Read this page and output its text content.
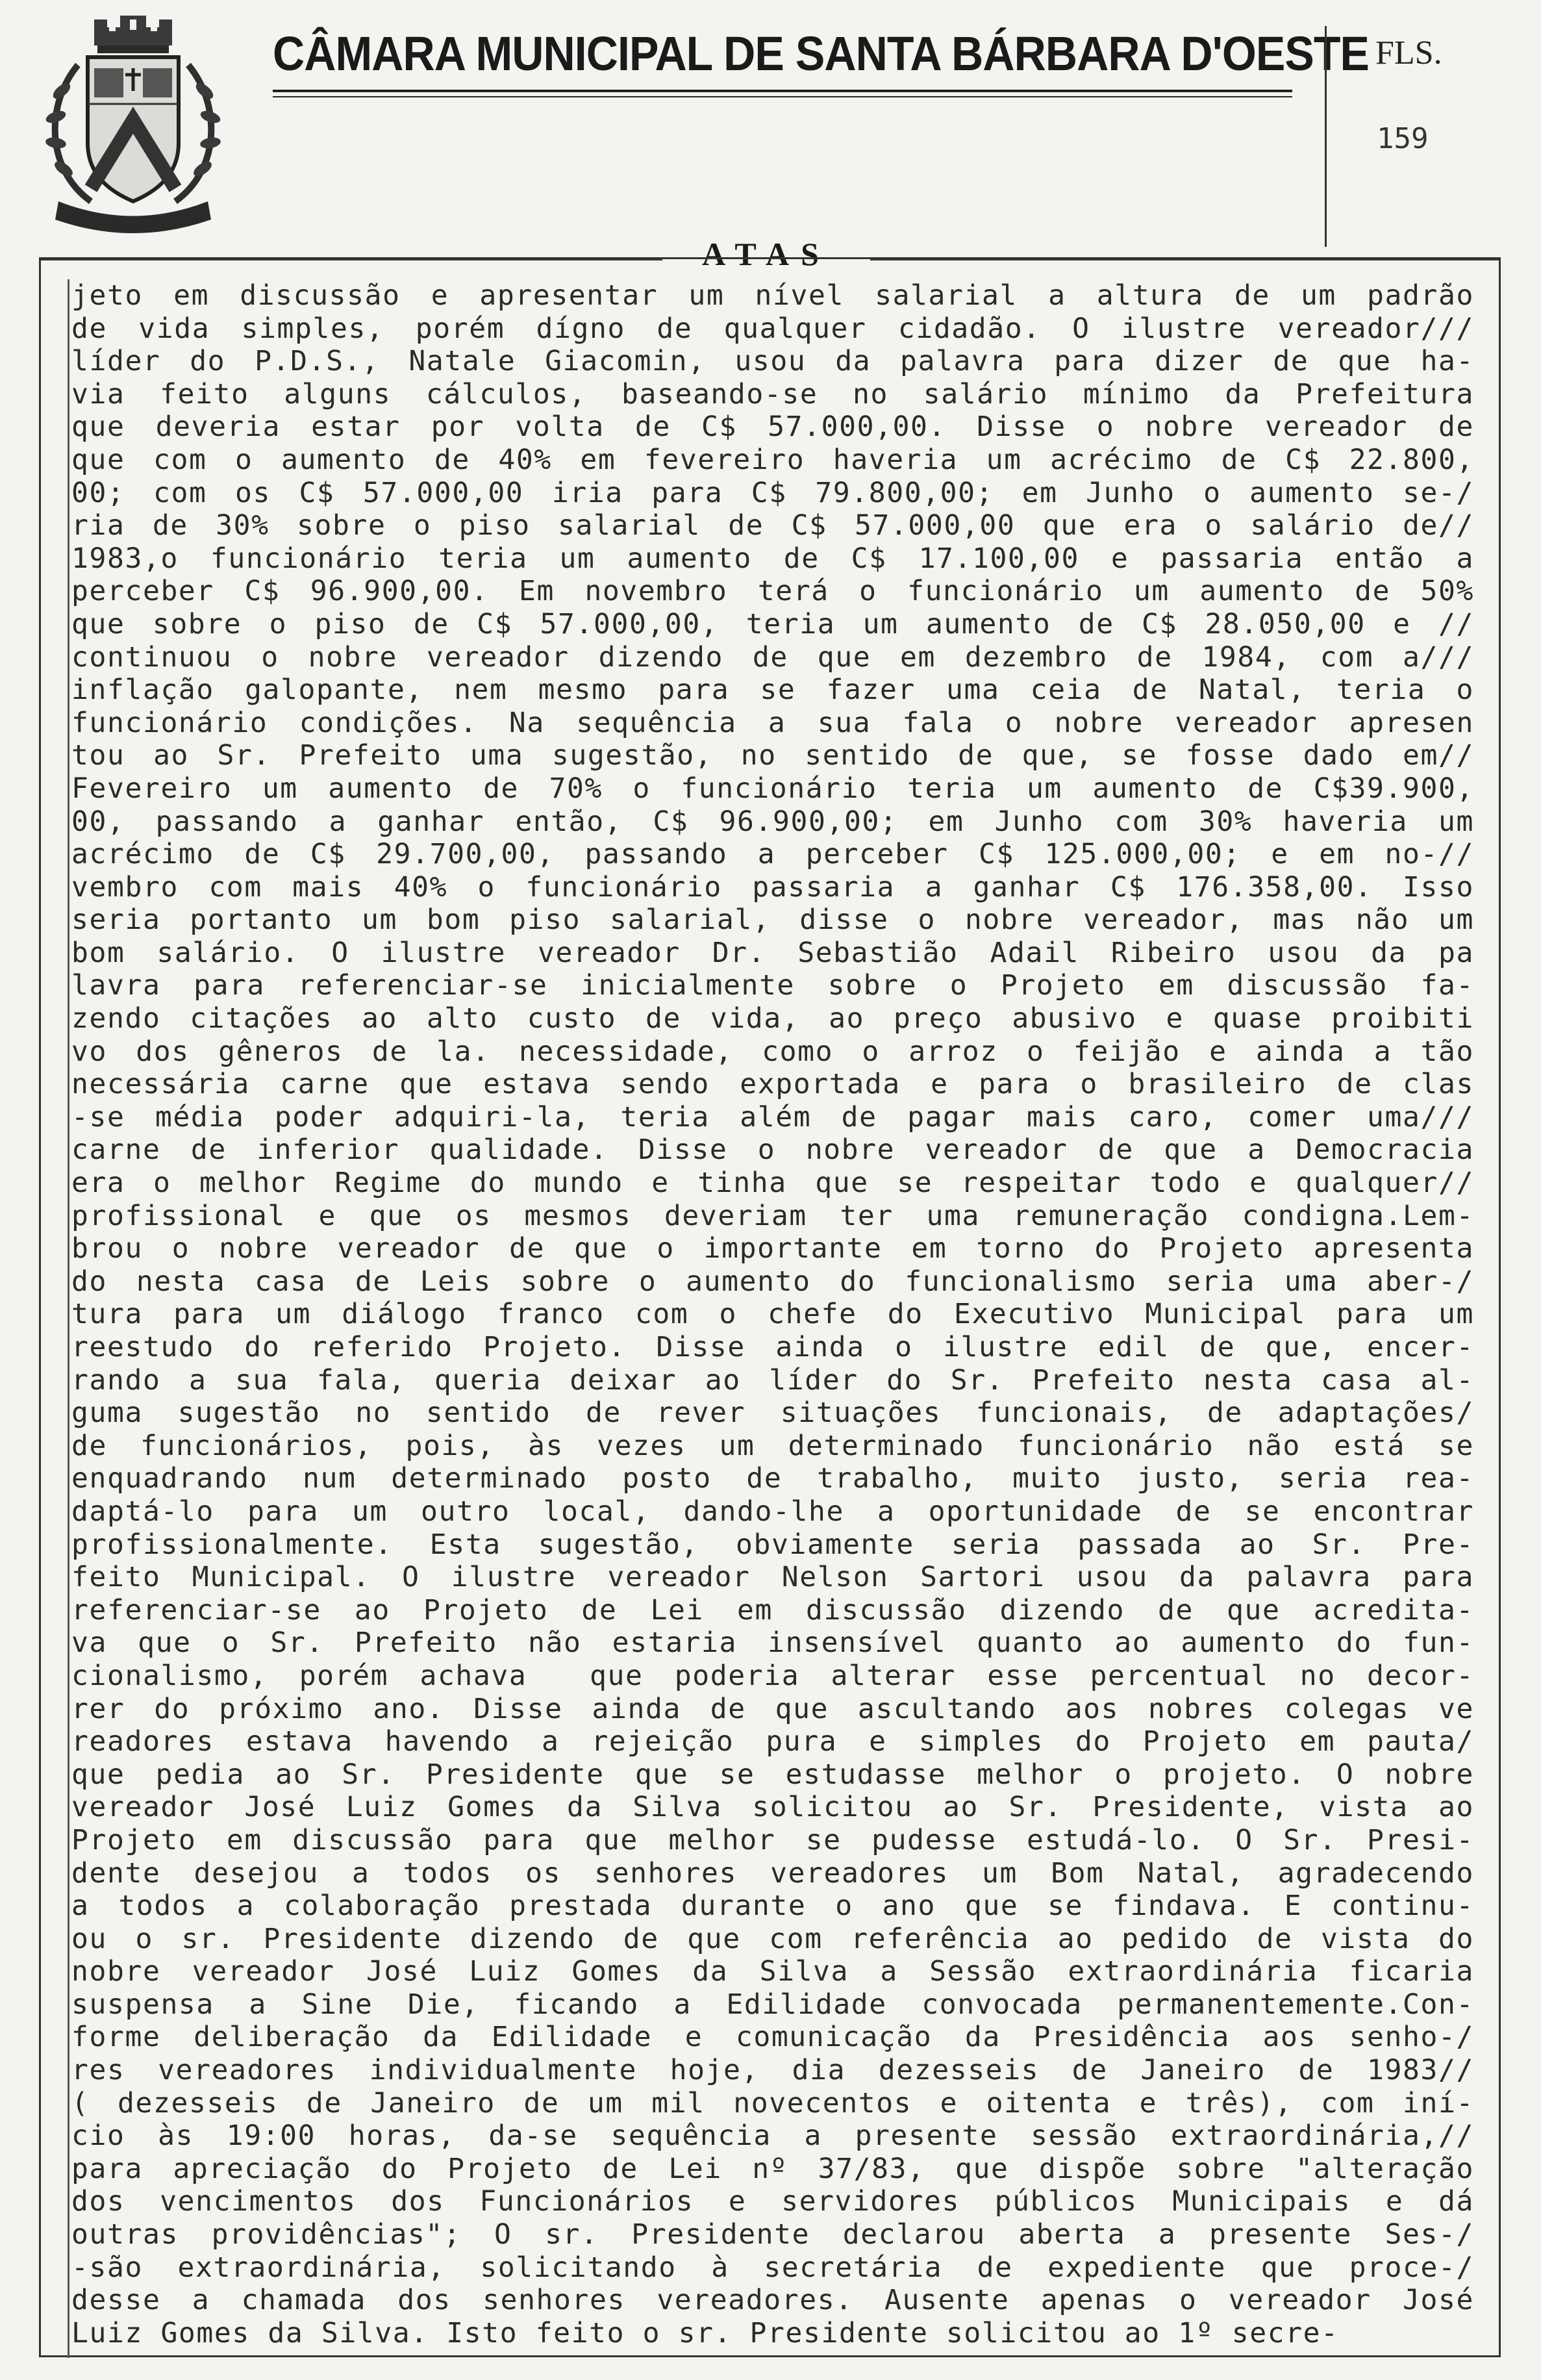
CÂMARA MUNICIPAL DE SANTA BÁRBARA D'OESTE FLS.
159
ATAS
jeto em discussão e apresentar um nível salarial a altura de um padrão
de vida simples, porém dígno de qualquer cidadão. O ilustre vereador///
líder do P.D.S., Natale Giacomin, usou da palavra para dizer de que ha-
via feito alguns cálculos, baseando-se no salário mínimo da Prefeitura
que deveria estar por volta de C$ 57.000,00. Disse o nobre vereador de
que com o aumento de 40% em fevereiro haveria um acrécimo de C$ 22.800,
00; com os C$ 57.000,00 iria para C$ 79.800,00; em Junho o aumento se-/
ria de 30% sobre o piso salarial de C$ 57.000,00 que era o salário de//
1983,o funcionário teria um aumento de C$ 17.100,00 e passaria então a
perceber C$ 96.900,00. Em novembro terá o funcionário um aumento de 50%
que sobre o piso de C$ 57.000,00, teria um aumento de C$ 28.050,00 e //
continuou o nobre vereador dizendo de que em dezembro de 1984, com a///
inflação galopante, nem mesmo para se fazer uma ceia de Natal, teria o
funcionário condições. Na sequência a sua fala o nobre vereador apresen
tou ao Sr. Prefeito uma sugestão, no sentido de que, se fosse dado em//
Fevereiro um aumento de 70% o funcionário teria um aumento de C$39.900,
00, passando a ganhar então, C$ 96.900,00; em Junho com 30% haveria um
acrécimo de C$ 29.700,00, passando a perceber C$ 125.000,00; e em no-//
vembro com mais 40% o funcionário passaria a ganhar C$ 176.358,00. Isso
seria portanto um bom piso salarial, disse o nobre vereador, mas não um
bom salário. O ilustre vereador Dr. Sebastião Adail Ribeiro usou da pa
lavra para referenciar-se inicialmente sobre o Projeto em discussão fa-
zendo citações ao alto custo de vida, ao preço abusivo e quase proibiti
vo dos gêneros de la. necessidade, como o arroz o feijão e ainda a tão
necessária carne que estava sendo exportada e para o brasileiro de clas
-se média poder adquiri-la, teria além de pagar mais caro, comer uma///
carne de inferior qualidade. Disse o nobre vereador de que a Democracia
era o melhor Regime do mundo e tinha que se respeitar todo e qualquer//
profissional e que os mesmos deveriam ter uma remuneração condigna.Lem-
brou o nobre vereador de que o importante em torno do Projeto apresenta
do nesta casa de Leis sobre o aumento do funcionalismo seria uma aber-/
tura para um diálogo franco com o chefe do Executivo Municipal para um
reestudo do referido Projeto. Disse ainda o ilustre edil de que, encer-
rando a sua fala, queria deixar ao líder do Sr. Prefeito nesta casa al-
guma sugestão no sentido de rever situações funcionais, de adaptações/
de funcionários, pois, às vezes um determinado funcionário não está se
enquadrando num determinado posto de trabalho, muito justo, seria rea-
daptá-lo para um outro local, dando-lhe a oportunidade de se encontrar
profissionalmente. Esta sugestão, obviamente seria passada ao Sr. Pre-
feito Municipal. O ilustre vereador Nelson Sartori usou da palavra para
referenciar-se ao Projeto de Lei em discussão dizendo de que acredita-
va que o Sr. Prefeito não estaria insensível quanto ao aumento do fun-
cionalismo, porém achava  que poderia alterar esse percentual no decor-
rer do próximo ano. Disse ainda de que ascultando aos nobres colegas ve
readores estava havendo a rejeição pura e simples do Projeto em pauta/
que pedia ao Sr. Presidente que se estudasse melhor o projeto. O nobre
vereador José Luiz Gomes da Silva solicitou ao Sr. Presidente, vista ao
Projeto em discussão para que melhor se pudesse estudá-lo. O Sr. Presi-
dente desejou a todos os senhores vereadores um Bom Natal, agradecendo
a todos a colaboração prestada durante o ano que se findava. E continu-
ou o sr. Presidente dizendo de que com referência ao pedido de vista do
nobre vereador José Luiz Gomes da Silva a Sessão extraordinária ficaria
suspensa a Sine Die, ficando a Edilidade convocada permanentemente.Con-
forme deliberação da Edilidade e comunicação da Presidência aos senho-/
res vereadores individualmente hoje, dia dezesseis de Janeiro de 1983//
( dezesseis de Janeiro de um mil novecentos e oitenta e três), com iní-
cio às 19:00 horas, da-se sequência a presente sessão extraordinária,//
para apreciação do Projeto de Lei nº 37/83, que dispõe sobre "alteração
dos vencimentos dos Funcionários e servidores públicos Municipais e dá
outras providências"; O sr. Presidente declarou aberta a presente Ses-/
-são extraordinária, solicitando à secretária de expediente que proce-/
desse a chamada dos senhores vereadores. Ausente apenas o vereador José
Luiz Gomes da Silva. Isto feito o sr. Presidente solicitou ao 1º secre-
